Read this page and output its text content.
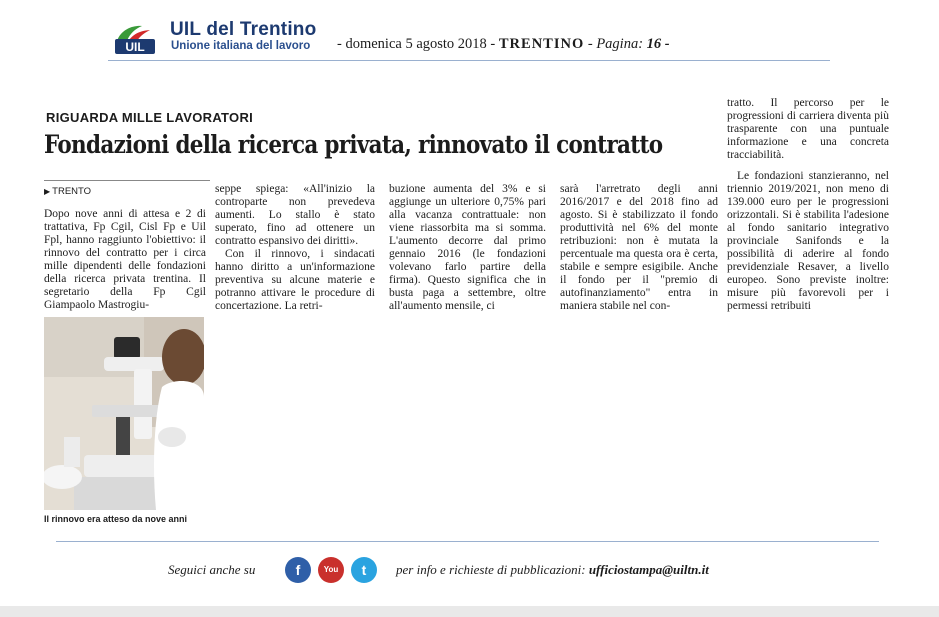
UIL
UIL del Trentino
Unione italiana del lavoro - domenica 5 agosto 2018 - TRENTINO - Pagina: 16 -
RIGUARDA MILLE LAVORATORI
Fondazioni della ricerca privata, rinnovato il contratto
▶ TRENTO

Dopo nove anni di attesa e 2 di trattativa, Fp Cgil, Cisl Fp e Uil Fpl, hanno raggiunto l'obiettivo: il rinnovo del contratto per i circa mille dipendenti delle fondazioni della ricerca privata trentina. Il segretario della Fp Cgil Giampaolo Mastrogiu-

Il rinnovo era atteso da nove anni

seppe spiega: «All'inizio la controparte non prevedeva aumenti. Lo stallo è stato superato, fino ad ottenere un contratto espansivo dei diritti».

Con il rinnovo, i sindacati hanno diritto a un'informazione preventiva su alcune materie e potranno attivare le procedure di concertazione. La retri-

buzione aumenta del 3% e si aggiunge un ulteriore 0,75% pari alla vacanza contrattuale: non viene riassorbita ma si somma. L'aumento decorre dal primo gennaio 2016 (le fondazioni volevano farlo partire della firma). Questo significa che in busta paga a settembre, oltre all'aumento mensile, ci

sarà l'arretrato degli anni 2016/2017 e del 2018 fino ad agosto. Si è stabilizzato il fondo produttività nel 6% del monte retribuzioni: non è mutata la percentuale ma questa ora è certa, stabile e sempre esigibile. Anche il fondo per il "premio di autofinanziamento" entra in maniera stabile nel con-

tratto. Il percorso per le progressioni di carriera diventa più trasparente con una puntuale informazione e una concreta tracciabilità.

Le fondazioni stanzieranno, nel triennio 2019/2021, non meno di 139.000 euro per le progressioni orizzontali. Si è stabilita l'adesione al fondo sanitario integrativo provinciale Sanifonds e la possibilità di aderire al fondo previdenziale Resaver, a livello europeo. Sono previste inoltre: misure più favorevoli per i permessi retribuiti

Seguici anche su	f	You Tube
t	per info e richieste di pubblicazioni: ufficiostampa@uiltn.it
